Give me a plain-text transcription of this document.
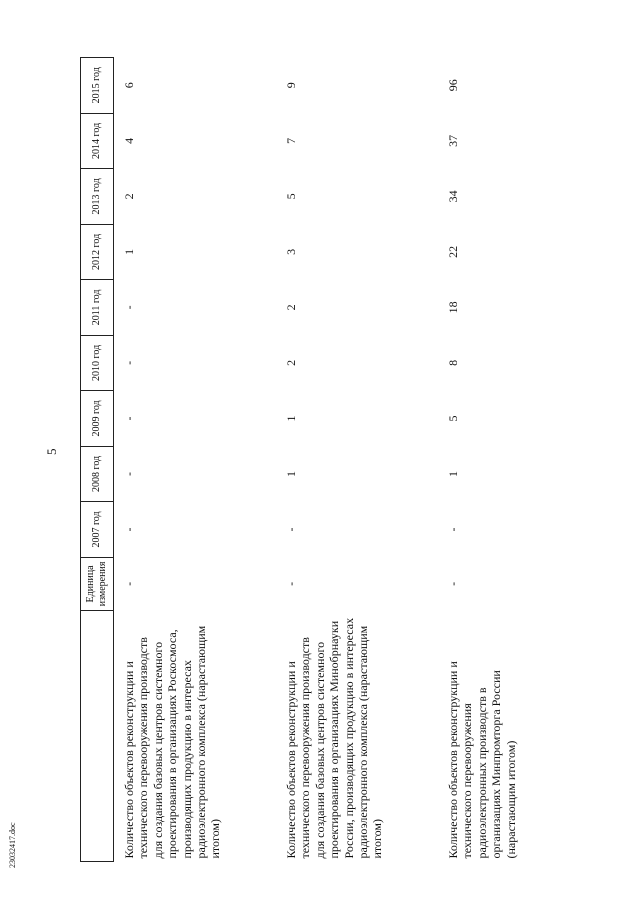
5
	Единица измерения	2007 год	2008 год	2009 год	2010 год	2011 год	2012 год	2013 год	2014 год	2015 год
Количество объектов реконструкции и технического перевооружения производств для создания базовых центров системного проектирования в организациях Роскосмоса, производящих продукцию в интересах радиоэлектронного комплекса (нарастающим итогом)	-	-	-	-	-	-	1	2	4	6
Количество объектов реконструкции и технического перевооружения производств для создания базовых центров системного проектирования в организациях Минобрнауки России, производящих продукцию в интересах радиоэлектронного комплекса (нарастающим итогом)	-	-	1	1	2	2	3	5	7	9
Количество объектов реконструкции и технического перевооружения радиоэлектронных производств в организациях Минпромторга России (нарастающим итогом)	-	-	1	5	8	18	22	34	37	96
23032417.doc
